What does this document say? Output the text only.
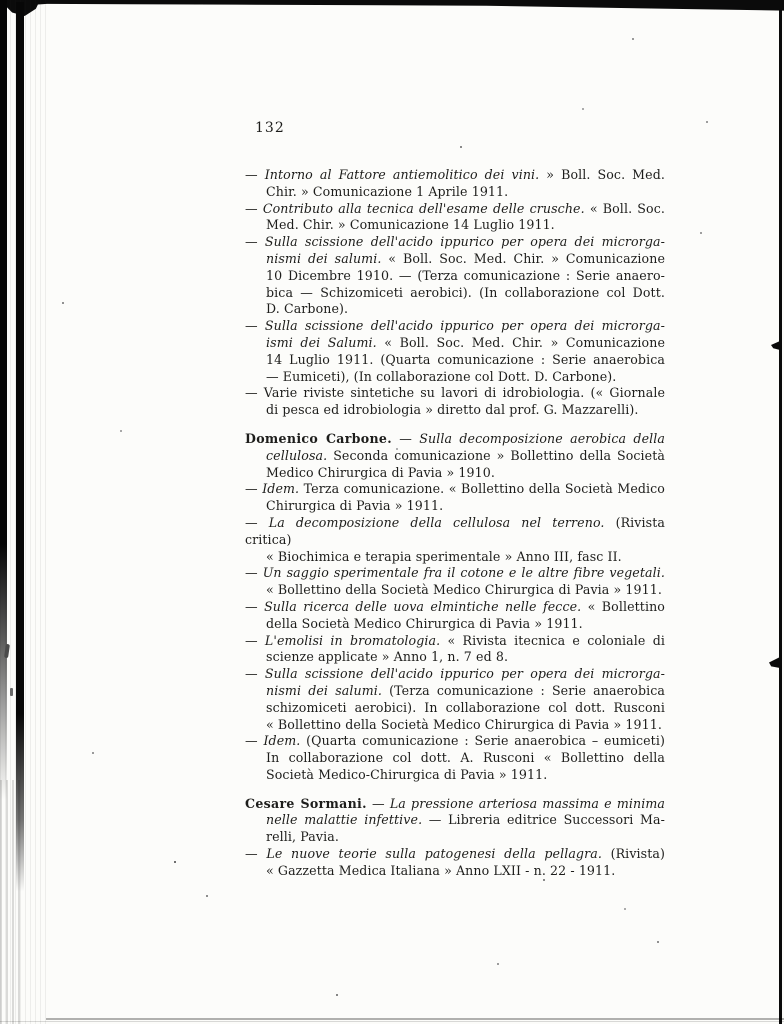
132
— Intorno al Fattore antiemolitico dei vini. » Boll. Soc. Med.
Chir. » Comunicazione 1 Aprile 1911.
— Contributo alla tecnica dell'esame delle crusche. « Boll. Soc.
Med. Chir. » Comunicazione 14 Luglio 1911.
— Sulla scissione dell'acido ippurico per opera dei microrga-
nismi dei salumi. « Boll. Soc. Med. Chir. » Comunicazione
10 Dicembre 1910. — (Terza comunicazione : Serie anaero-
bica — Schizomiceti aerobici). (In collaborazione col Dott.
D. Carbone).
— Sulla scissione dell'acido ippurico per opera dei microrga-
ismi dei Salumi. « Boll. Soc. Med. Chir. » Comunicazione
14 Luglio 1911. (Quarta comunicazione : Serie anaerobica
— Eumiceti), (In collaborazione col Dott. D. Carbone).
— Varie riviste sintetiche su lavori di idrobiologia. (« Giornale
di pesca ed idrobiologia » diretto dal prof. G. Mazzarelli).
Domenico Carbone. — Sulla decomposizione aerobica della
cellulosa. Seconda comunicazione » Bollettino della Società
Medico Chirurgica di Pavia » 1910.
— Idem. Terza comunicazione. « Bollettino della Società Medico
Chirurgica di Pavia » 1911.
— La decomposizione della cellulosa nel terreno. (Rivista critica)
« Biochimica e terapia sperimentale » Anno III, fasc II.
— Un saggio sperimentale fra il cotone e le altre fibre vegetali.
« Bollettino della Società Medico Chirurgica di Pavia » 1911.
— Sulla ricerca delle uova elmintiche nelle fecce. « Bollettino
della Società Medico Chirurgica di Pavia » 1911.
— L'emolisi in bromatologia. « Rivista itecnica e coloniale di
scienze applicate » Anno 1, n. 7 ed 8.
— Sulla scissione dell'acido ippurico per opera dei microrga-
nismi dei salumi. (Terza comunicazione : Serie anaerobica
schizomiceti aerobici). In collaborazione col dott. Rusconi
« Bollettino della Società Medico Chirurgica di Pavia » 1911.
— Idem. (Quarta comunicazione : Serie anaerobica – eumiceti)
In collaborazione col dott. A. Rusconi « Bollettino della
Società Medico-Chirurgica di Pavia » 1911.
Cesare Sormani. — La pressione arteriosa massima e minima
nelle malattie infettive. — Libreria editrice Successori Ma-
relli, Pavia.
— Le nuove teorie sulla patogenesi della pellagra. (Rivista)
« Gazzetta Medica Italiana » Anno LXII - n. 22 - 1911.
